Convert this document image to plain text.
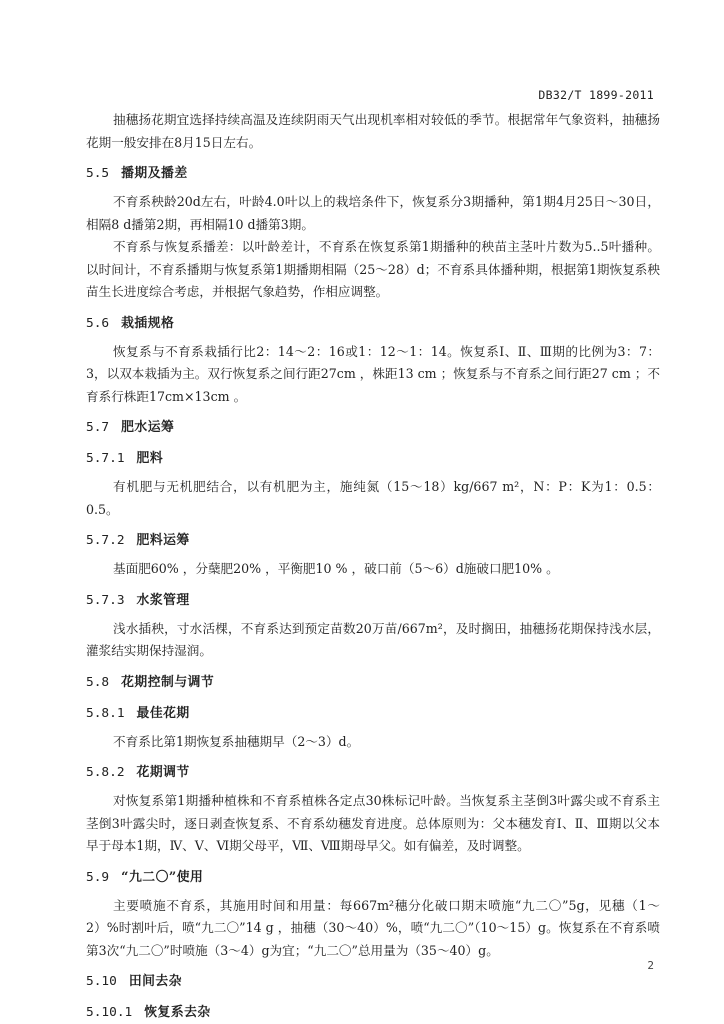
DB32/T 1899-2011

抽穗扬花期宜选择持续高温及连续阴雨天气出现机率相对较低的季节。根据常年气象资料，抽穗扬花期一般安排在8月15日左右。

5.5 播期及播差

不育系秧龄20d左右，叶龄4.0叶以上的栽培条件下，恢复系分3期播种，第1期4月25日～30日，相隔8 d播第2期，再相隔10 d播第3期。

不育系与恢复系播差：以叶龄差计，不育系在恢复系第1期播种的秧苗主茎叶片数为5..5叶播种。以时间计，不育系播期与恢复系第1期播期相隔（25～28）d；不育系具体播种期，根据第1期恢复系秧苗生长进度综合考虑，并根据气象趋势，作相应调整。

5.6 栽插规格

恢复系与不育系栽插行比2：14～2：16或1：12～1：14。恢复系Ⅰ、Ⅱ、Ⅲ期的比例为3：7：3，以双本栽插为主。双行恢复系之间行距27cm ，株距13 cm ；恢复系与不育系之间行距27 cm ；不育系行株距17cm×13cm 。

5.7 肥水运筹
5.7.1 肥料

有机肥与无机肥结合，以有机肥为主，施纯氮（15～18）kg/667 m²，N：P：K为1：0.5：0.5。

5.7.2 肥料运筹

基面肥60% ，分蘖肥20% ，平衡肥10 % ，破口前（5～6）d施破口肥10% 。

5.7.3 水浆管理

浅水插秧，寸水活棵，不育系达到预定苗数20万苗/667m²，及时搁田，抽穗扬花期保持浅水层，灌浆结实期保持湿润。

5.8 花期控制与调节
5.8.1 最佳花期

不育系比第1期恢复系抽穗期早（2～3）d。

5.8.2 花期调节

对恢复系第1期播种植株和不育系植株各定点30株标记叶龄。当恢复系主茎倒3叶露尖或不育系主茎倒3叶露尖时，逐日剥查恢复系、不育系幼穗发育进度。总体原则为：父本穗发育Ⅰ、Ⅱ、Ⅲ期以父本早于母本1期，Ⅳ、Ⅴ、Ⅵ期父母平，Ⅶ、Ⅷ期母早父。如有偏差，及时调整。

5.9 “九二〇”使用

主要喷施不育系，其施用时间和用量：每667m²穗分化破口期末喷施“九二〇”5g，见穗（1～2）%时割叶后，喷“九二〇”14 g ，抽穗（30～40）%，喷“九二〇”（10～15）g。恢复系在不育系喷第3次“九二〇”时喷施（3～4）g为宜；“九二〇”总用量为（35～40）g。

5.10 田间去杂
5.10.1 恢复系去杂
2
